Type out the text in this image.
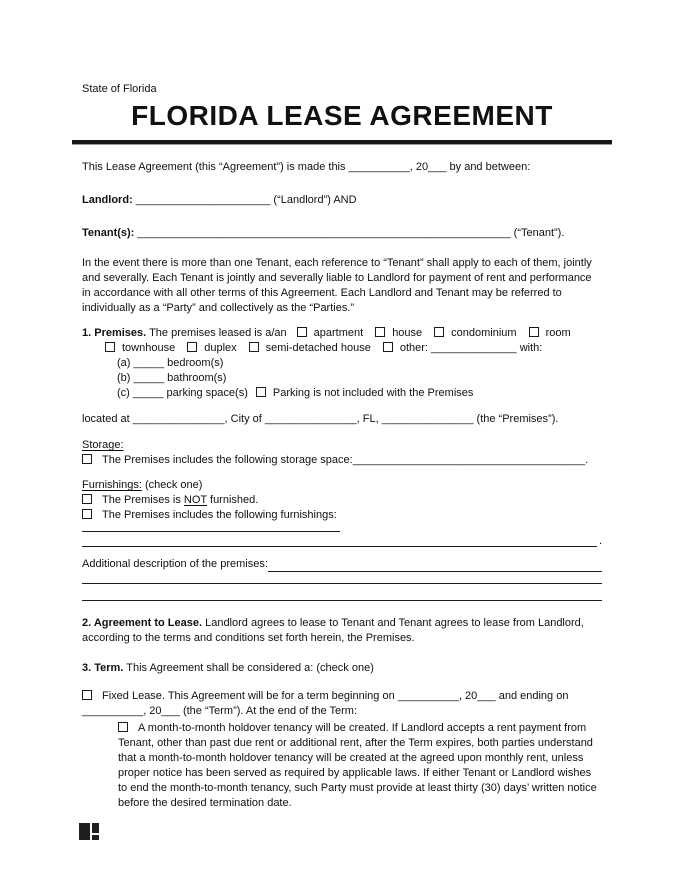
State of Florida
FLORIDA LEASE AGREEMENT

This Lease Agreement (this “Agreement”) is made this __________, 20___ by and between:

Landlord: ______________________ (“Landlord”) AND

Tenant(s): _____________________________________________________________ (“Tenant”).

In the event there is more than one Tenant, each reference to “Tenant” shall apply to each of them, jointly and severally. Each Tenant is jointly and severally liable to Landlord for payment of rent and performance in accordance with all other terms of this Agreement. Each Landlord and Tenant may be referred to individually as a “Party” and collectively as the “Parties.”

1. Premises. The premises leased is a/an apartment	house	condominium	room

townhouse	duplex	semi-detached house	other: ______________ with:

(a) _____ bedroom(s)

(b) _____ bathroom(s)

(c) _____ parking space(s) Parking is not included with the Premises

located at _______________, City of _______________, FL, _______________ (the “Premises”).

Storage:

The Premises includes the following storage space:______________________________________.

Furnishings: (check one)

The Premises is NOT furnished.

The Premises includes the following furnishings:

.
Additional description of the premises:

2. Agreement to Lease. Landlord agrees to lease to Tenant and Tenant agrees to lease from Landlord, according to the terms and conditions set forth herein, the Premises.

3. Term. This Agreement shall be considered a: (check one)

Fixed Lease. This Agreement will be for a term beginning on __________, 20___ and ending on __________, 20___ (the “Term”). At the end of the Term:

A month-to-month holdover tenancy will be created. If Landlord accepts a rent payment from Tenant, other than past due rent or additional rent, after the Term expires, both parties understand that a month-to-month holdover tenancy will be created at the agreed upon monthly rent, unless proper notice has been served as required by applicable laws. If either Tenant or Landlord wishes to end the month-to-month tenancy, such Party must provide at least thirty (30) days’ written notice before the desired termination date.
